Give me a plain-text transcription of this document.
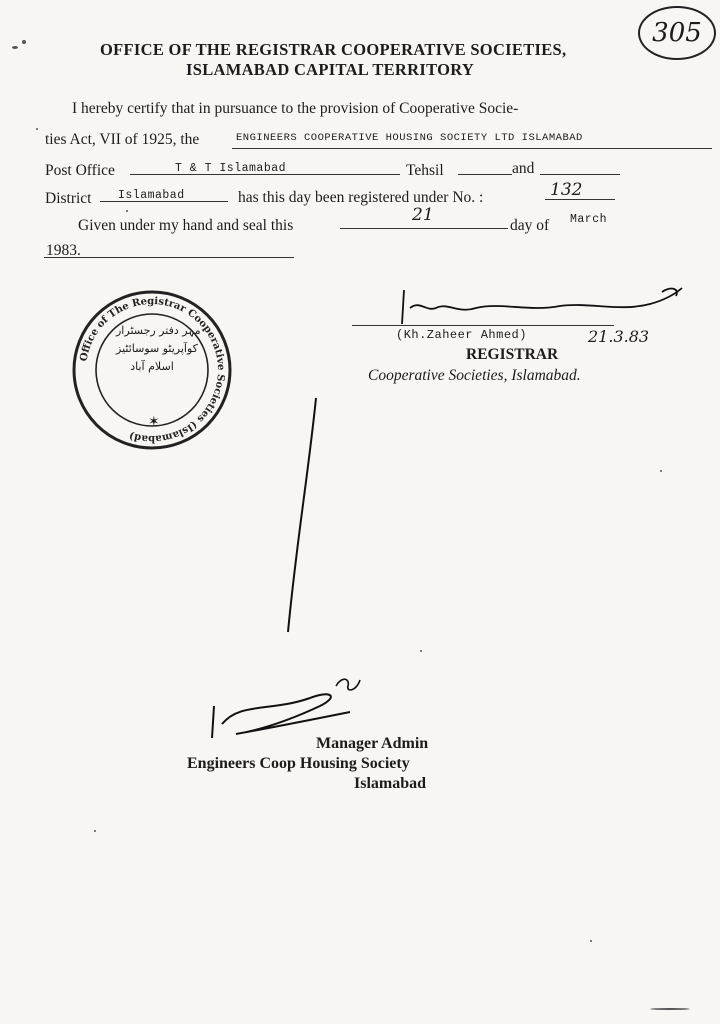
305
OFFICE OF THE REGISTRAR COOPERATIVE SOCIETIES,
ISLAMABAD CAPITAL TERRITORY
I hereby certify that in pursuance to the provision of Cooperative Socie-
ties Act, VII of 1925, the	ENGINEERS COOPERATIVE HOUSING SOCIETY LTD ISLAMABAD
Post Office	T & T Islamabad	Tehsil	and
District Islamabad	has this day been registered under No. :	132
Given under my hand and seal this
21
day of March
1983.
Office of The Registrar Cooperative Societies (Islamabad)
مہر دفتر رجسٹرار
کوآپریٹو سوسائٹیز
اسلام آباد
✶
(Kh.Zaheer Ahmed)	21.3.83
REGISTRAR
Cooperative Societies, Islamabad.
Manager Admin
Engineers Coop Housing Society
Islamabad
